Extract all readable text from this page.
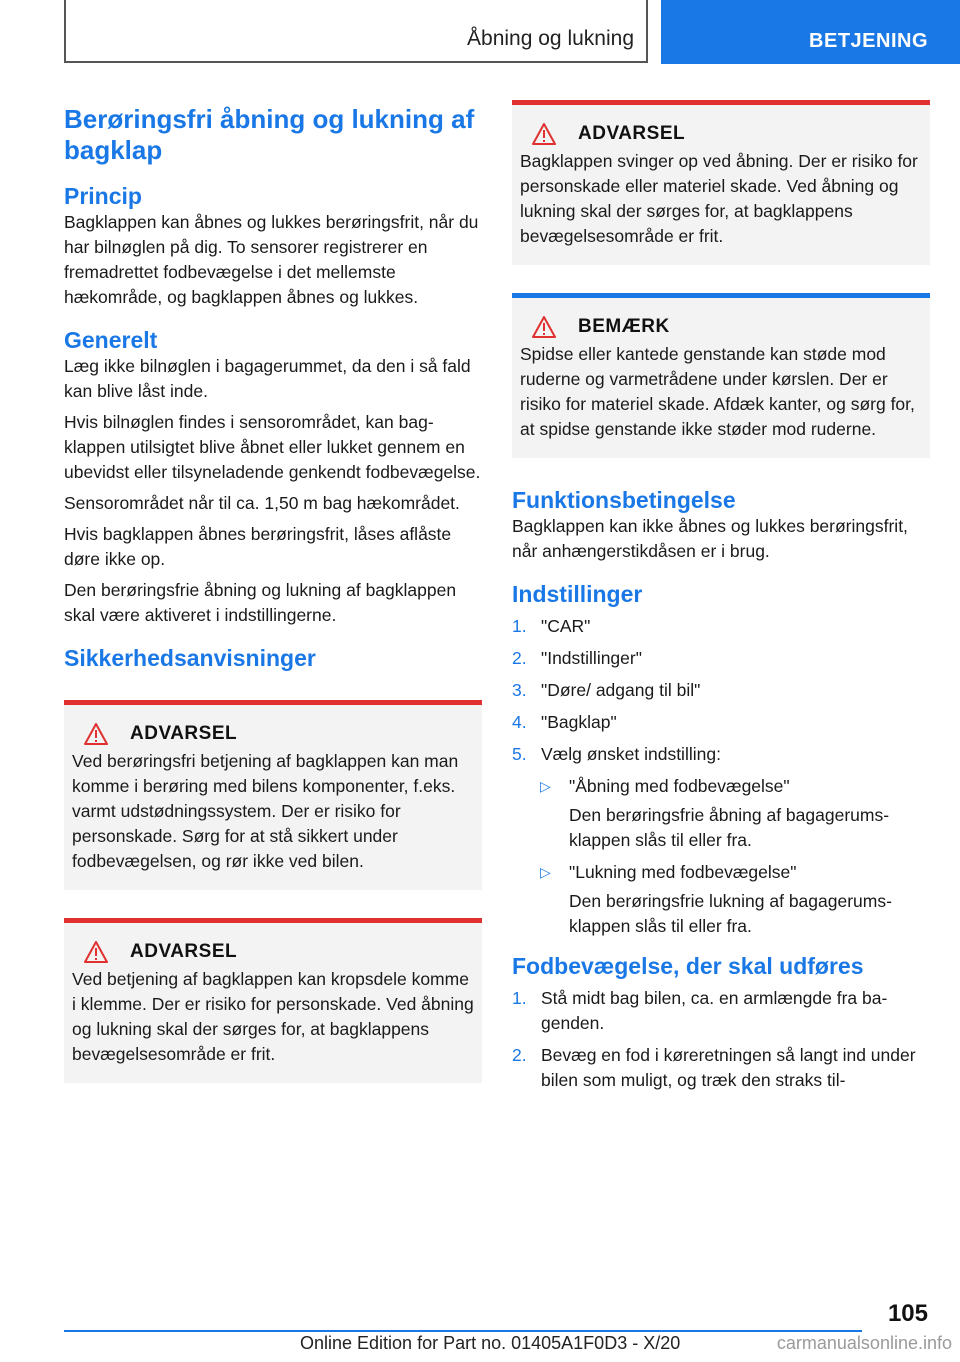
Åbning og lukning	BETJENING
Berøringsfri åbning og lukning af bagklap
Princip

Bagklappen kan åbnes og lukkes berøringsfrit, når du har bilnøglen på dig. To sensorer registrerer en fremadrettet fodbevægelse i det mellemste hækområde, og bagklappen åbnes og lukkes.

Generelt

Læg ikke bilnøglen i bagagerummet, da den i så fald kan blive låst inde.

Hvis bilnøglen findes i sensorområdet, kan bagklappen utilsigtet blive åbnet eller lukket gennem en ubevidst eller tilsyneladende genkendt fodbevægelse.

Sensorområdet når til ca. 1,50 m bag hækområdet.

Hvis bagklappen åbnes berøringsfrit, låses aflåste døre ikke op.

Den berøringsfrie åbning og lukning af bagklappen skal være aktiveret i indstillingerne.

Sikkerhedsanvisninger
ADVARSEL

Ved berøringsfri betjening af bagklappen kan man komme i berøring med bilens komponenter, f.eks. varmt udstødningssystem. Der er risiko for personskade. Sørg for at stå sikkert under fodbevægelsen, og rør ikke ved bilen.

ADVARSEL

Ved betjening af bagklappen kan kropsdele komme i klemme. Der er risiko for personskade. Ved åbning og lukning skal der sørges for, at bagklappens bevægelsesområde er frit.

ADVARSEL

Bagklappen svinger op ved åbning. Der er risiko for personskade eller materiel skade. Ved åbning og lukning skal der sørges for, at bagklappens bevægelsesområde er frit.

BEMÆRK

Spidse eller kantede genstande kan støde mod ruderne og varmetrådene under kørslen. Der er risiko for materiel skade. Afdæk kanter, og sørg for, at spidse genstande ikke støder mod ruderne.

Funktionsbetingelse

Bagklappen kan ikke åbnes og lukkes berøringsfrit, når anhængerstikdåsen er i brug.

Indstillinger
1. "CAR"
2. "Indstillinger"
3. "Døre/ adgang til bil"
4. "Bagklap"
5. Vælg ønsket indstilling:
▷	"Åbning med fodbevægelse"
Den berøringsfrie åbning af bagagerumsklappen slås til eller fra.
▷	"Lukning med fodbevægelse"
Den berøringsfrie lukning af bagagerumsklappen slås til eller fra.
Fodbevægelse, der skal udføres
1. Stå midt bag bilen, ca. en armlængde fra bagenden.
2. Bevæg en fod i køreretningen så langt ind under bilen som muligt, og træk den straks til-
105
Online Edition for Part no. 01405A1F0D3 - X/20	carmanualsonline.info
